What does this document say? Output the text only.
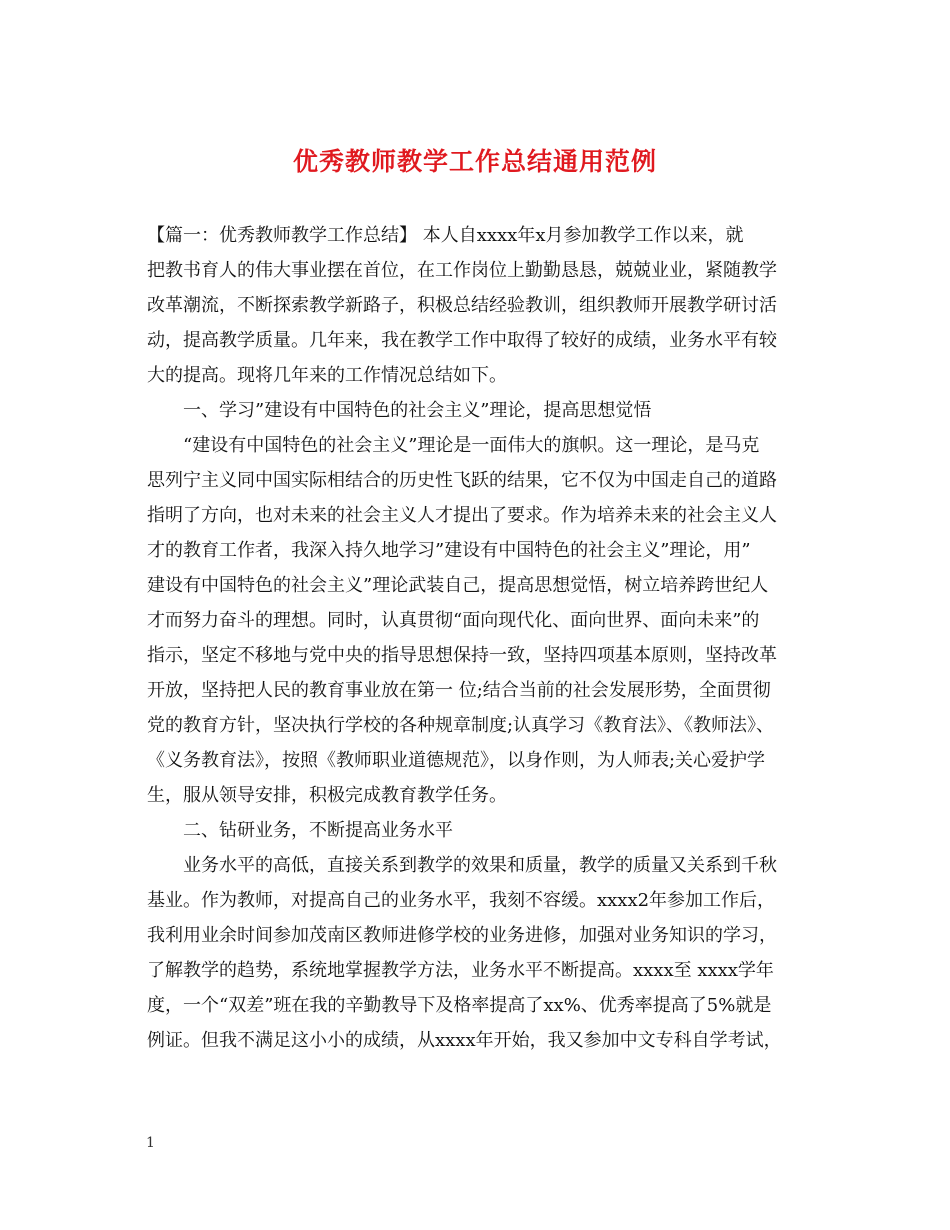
优秀教师教学工作总结通用范例
【篇一：优秀教师教学工作总结】 本人自xxxx年x月参加教学工作以来，就
把教书育人的伟大事业摆在首位，在工作岗位上勤勤恳恳，兢兢业业，紧随教学
改革潮流，不断探索教学新路子，积极总结经验教训，组织教师开展教学研讨活
动，提高教学质量。几年来，我在教学工作中取得了较好的成绩，业务水平有较
大的提高。现将几年来的工作情况总结如下。
一、学习”建设有中国特色的社会主义”理论，提高思想觉悟
“建设有中国特色的社会主义”理论是一面伟大的旗帜。这一理论，是马克
思列宁主义同中国实际相结合的历史性飞跃的结果，它不仅为中国走自己的道路
指明了方向，也对未来的社会主义人才提出了要求。作为培养未来的社会主义人
才的教育工作者，我深入持久地学习”建设有中国特色的社会主义”理论，用”
建设有中国特色的社会主义”理论武装自己，提高思想觉悟，树立培养跨世纪人
才而努力奋斗的理想。同时，认真贯彻“面向现代化、面向世界、面向未来”的
指示，坚定不移地与党中央的指导思想保持一致，坚持四项基本原则，坚持改革
开放，坚持把人民的教育事业放在第一 位;结合当前的社会发展形势，全面贯彻
党的教育方针，坚决执行学校的各种规章制度;认真学习《教育法》、《教师法》、
《义务教育法》，按照《教师职业道德规范》，以身作则，为人师表;关心爱护学
生，服从领导安排，积极完成教育教学任务。
二、钻研业务，不断提高业务水平
业务水平的高低，直接关系到教学的效果和质量，教学的质量又关系到千秋
基业。作为教师，对提高自己的业务水平，我刻不容缓。xxxx2年参加工作后，
我利用业余时间参加茂南区教师进修学校的业务进修，加强对业务知识的学习，
了解教学的趋势，系统地掌握教学方法，业务水平不断提高。xxxx至 xxxx学年
度，一个“双差”班在我的辛勤教导下及格率提高了xx%、优秀率提高了5%就是
例证。但我不满足这小小的成绩，从xxxx年开始，我又参加中文专科自学考试，
1
